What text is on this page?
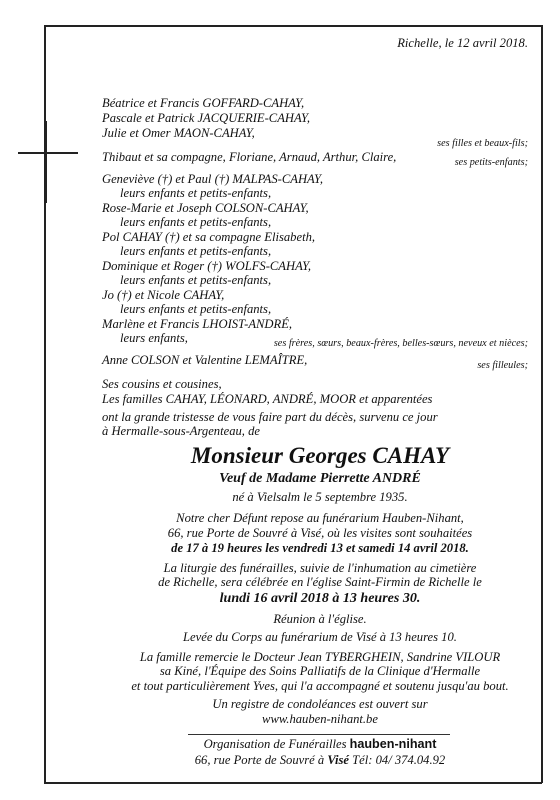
Richelle, le 12 avril 2018.
Béatrice et Francis GOFFARD-CAHAY,
Pascale et Patrick JACQUERIE-CAHAY,
Julie et Omer MAON-CAHAY,
ses filles et beaux-fils;
Thibaut et sa compagne, Floriane, Arnaud, Arthur, Claire,	ses petits-enfants;
Geneviève (†) et Paul (†) MALPAS-CAHAY,
leurs enfants et petits-enfants,
Rose-Marie et Joseph COLSON-CAHAY,
leurs enfants et petits-enfants,
Pol CAHAY (†) et sa compagne Elisabeth,
leurs enfants et petits-enfants,
Dominique et Roger (†) WOLFS-CAHAY,
leurs enfants et petits-enfants,
Jo (†) et Nicole CAHAY,
leurs enfants et petits-enfants,
Marlène et Francis LHOIST-ANDRÉ,
leurs enfants,	ses frères, sœurs, beaux-frères, belles-sœurs, neveux et nièces;
Anne COLSON et Valentine LEMAÎTRE,	ses filleules;
Ses cousins et cousines,
Les familles CAHAY, LÉONARD, ANDRÉ, MOOR et apparentées
ont la grande tristesse de vous faire part du décès, survenu ce jour
à Hermalle-sous-Argenteau, de
Monsieur Georges CAHAY
Veuf de Madame Pierrette ANDRÉ
né à Vielsalm le 5 septembre 1935.
Notre cher Défunt repose au funérarium Hauben-Nihant,
66, rue Porte de Souvré à Visé, où les visites sont souhaitées
de 17 à 19 heures les vendredi 13 et samedi 14 avril 2018.
La liturgie des funérailles, suivie de l'inhumation au cimetière
de Richelle, sera célébrée en l'église Saint-Firmin de Richelle le
lundi 16 avril 2018 à 13 heures 30.
Réunion à l'église.
Levée du Corps au funérarium de Visé à 13 heures 10.
La famille remercie le Docteur Jean TYBERGHEIN, Sandrine VILOUR
sa Kiné, l'Équipe des Soins Palliatifs de la Clinique d'Hermalle
et tout particulièrement Yves, qui l'a accompagné et soutenu jusqu'au bout.
Un registre de condoléances est ouvert sur
www.hauben-nihant.be
Organisation de Funérailles hauben-nihant
66, rue Porte de Souvré à Visé Tél: 04/ 374.04.92
